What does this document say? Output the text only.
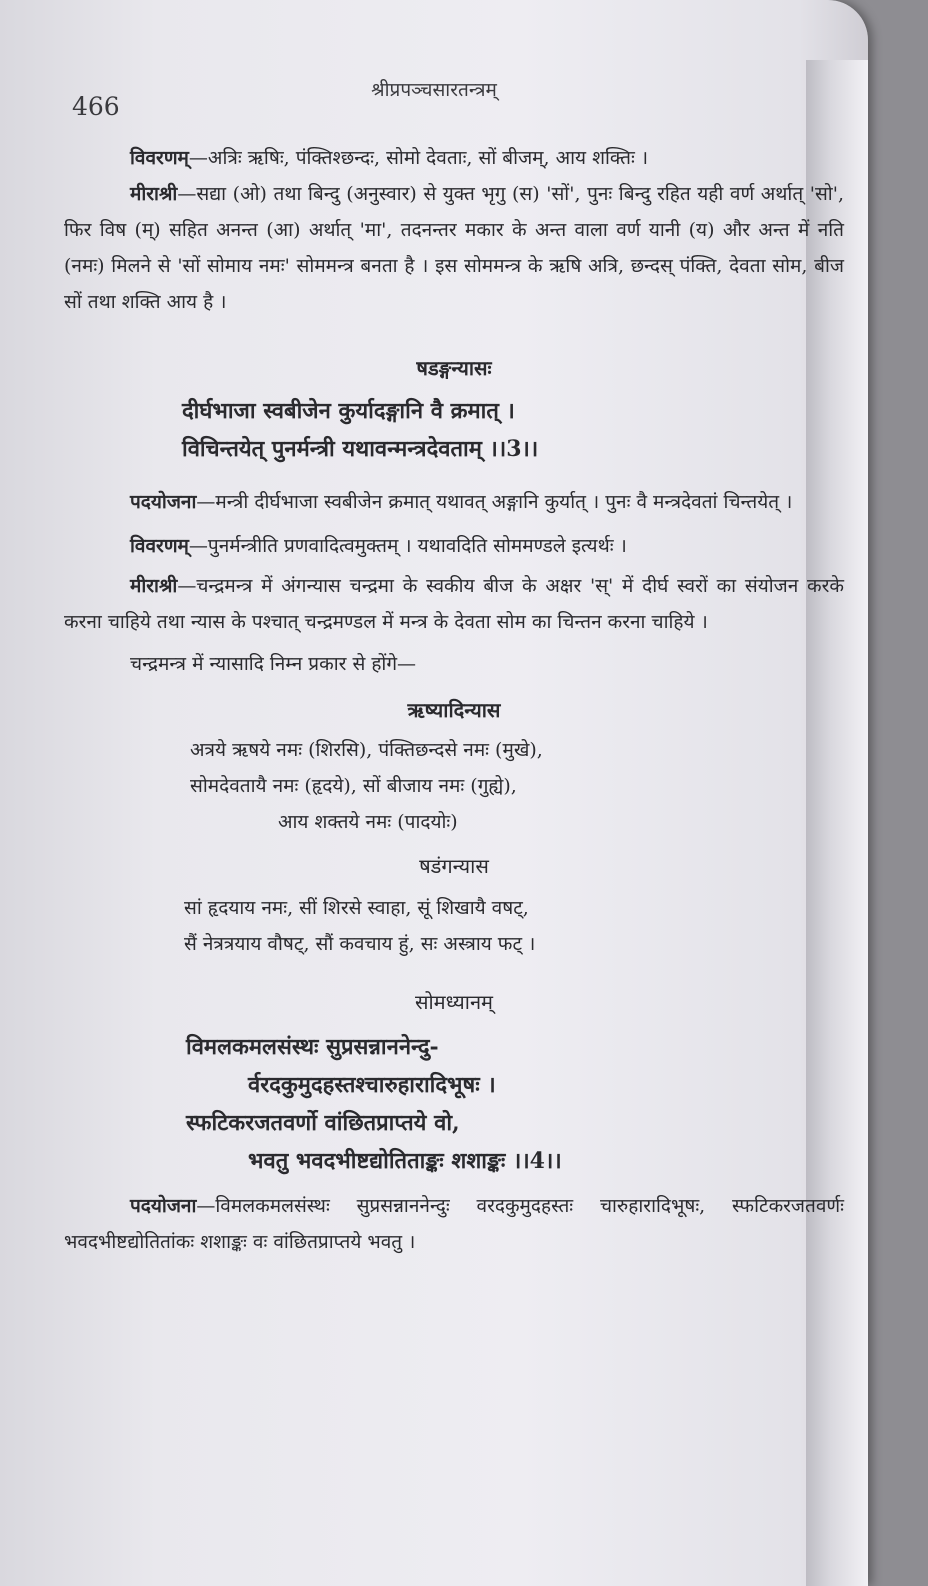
श्रीप्रपञ्चसारतन्त्रम्
466

विवरणम्—अत्रिः ऋषिः, पंक्तिश्छन्दः, सोमो देवताः, सों बीजम्, आय शक्तिः ।

मीराश्री—सद्या (ओ) तथा बिन्दु (अनुस्वार) से युक्त भृगु (स) 'सों', पुनः बिन्दु रहित यही वर्ण अर्थात् 'सो', फिर विष (म्) सहित अनन्त (आ) अर्थात् 'मा', तदनन्तर मकार के अन्त वाला वर्ण यानी (य) और अन्त में नति (नमः) मिलने से 'सों सोमाय नमः' सोममन्त्र बनता है । इस सोममन्त्र के ऋषि अत्रि, छन्दस् पंक्ति, देवता सोम, बीज सों तथा शक्ति आय है ।

षडङ्गन्यासः
दीर्घभाजा स्वबीजेन कुर्यादङ्गानि वै क्रमात् ।
विचिन्तयेत् पुनर्मन्त्री यथावन्मन्त्रदेवताम् ।।3।।

पदयोजना—मन्त्री दीर्घभाजा स्वबीजेन क्रमात् यथावत् अङ्गानि कुर्यात् । पुनः वै मन्त्रदेवतां चिन्तयेत् ।

विवरणम्—पुनर्मन्त्रीति प्रणवादित्वमुक्तम् । यथावदिति सोममण्डले इत्यर्थः ।

मीराश्री—चन्द्रमन्त्र में अंगन्यास चन्द्रमा के स्वकीय बीज के अक्षर 'स्' में दीर्घ स्वरों का संयोजन करके करना चाहिये तथा न्यास के पश्चात् चन्द्रमण्डल में मन्त्र के देवता सोम का चिन्तन करना चाहिये ।

चन्द्रमन्त्र में न्यासादि निम्न प्रकार से होंगे—

ऋष्यादिन्यास
अत्रये ऋषये नमः (शिरसि), पंक्तिछन्दसे नमः (मुखे),
सोमदेवतायै नमः (हृदये), सों बीजाय नमः (गुह्ये),
आय शक्तये नमः (पादयोः)
षडंगन्यास
सां हृदयाय नमः, सीं शिरसे स्वाहा, सूं शिखायै वषट्,
सैं नेत्रत्रयाय वौषट्, सौं कवचाय हुं, सः अस्त्राय फट् ।
सोमध्यानम्
विमलकमलसंस्थः सुप्रसन्नाननेन्दु-
र्वरदकुमुदहस्तश्चारुहारादिभूषः ।
स्फटिकरजतवर्णो वांछितप्राप्तये वो,
भवतु भवदभीष्टद्योतिताङ्कः शशाङ्कः ।।4।।

पदयोजना—विमलकमलसंस्थः सुप्रसन्नाननेन्दुः वरदकुमुदहस्तः चारुहारादिभूषः, स्फटिकरजतवर्णः भवदभीष्टद्योतितांकः शशाङ्कः वः वांछितप्राप्तये भवतु ।
